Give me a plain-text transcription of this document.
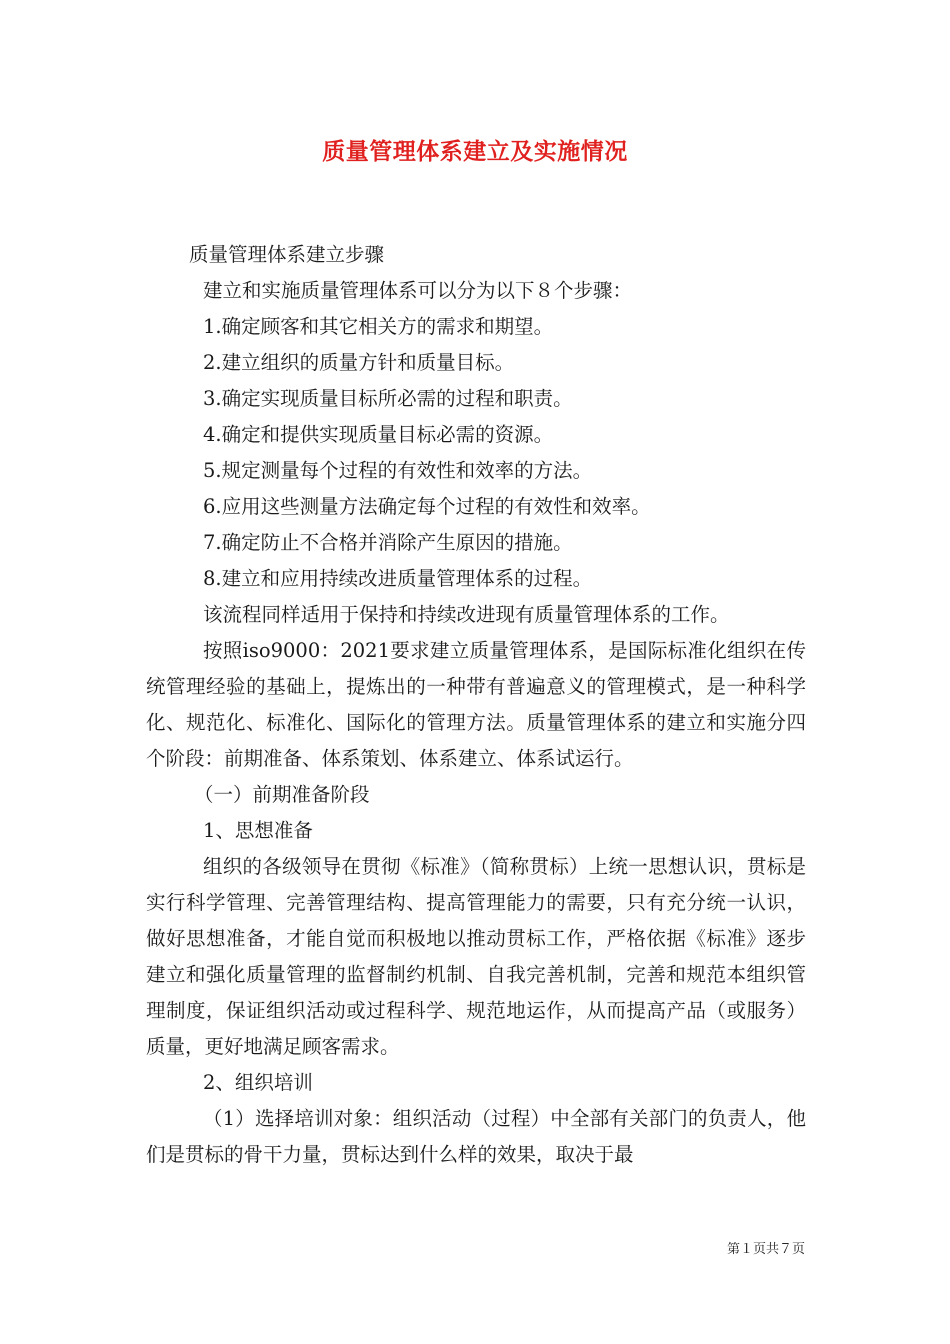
质量管理体系建立及实施情况

质量管理体系建立步骤

建立和实施质量管理体系可以分为以下８个步骤：

1.确定顾客和其它相关方的需求和期望。

2.建立组织的质量方针和质量目标。

3.确定实现质量目标所必需的过程和职责。

4.确定和提供实现质量目标必需的资源。

5.规定测量每个过程的有效性和效率的方法。

6.应用这些测量方法确定每个过程的有效性和效率。

7.确定防止不合格并消除产生原因的措施。

8.建立和应用持续改进质量管理体系的过程。

该流程同样适用于保持和持续改进现有质量管理体系的工作。

按照iso9000：2021要求建立质量管理体系，是国际标准化组织在传统管理经验的基础上，提炼出的一种带有普遍意义的管理模式，是一种科学化、规范化、标准化、国际化的管理方法。质量管理体系的建立和实施分四个阶段：前期准备、体系策划、体系建立、体系试运行。

（一）前期准备阶段

1、思想准备

组织的各级领导在贯彻《标准》（简称贯标）上统一思想认识，贯标是实行科学管理、完善管理结构、提高管理能力的需要，只有充分统一认识，做好思想准备，才能自觉而积极地以推动贯标工作，严格依据《标准》逐步建立和强化质量管理的监督制约机制、自我完善机制，完善和规范本组织管理制度，保证组织活动或过程科学、规范地运作，从而提高产品（或服务）质量，更好地满足顾客需求。

2、组织培训

（1）选择培训对象：组织活动（过程）中全部有关部门的负责人，他们是贯标的骨干力量，贯标达到什么样的效果，取决于最

第１页共７页
